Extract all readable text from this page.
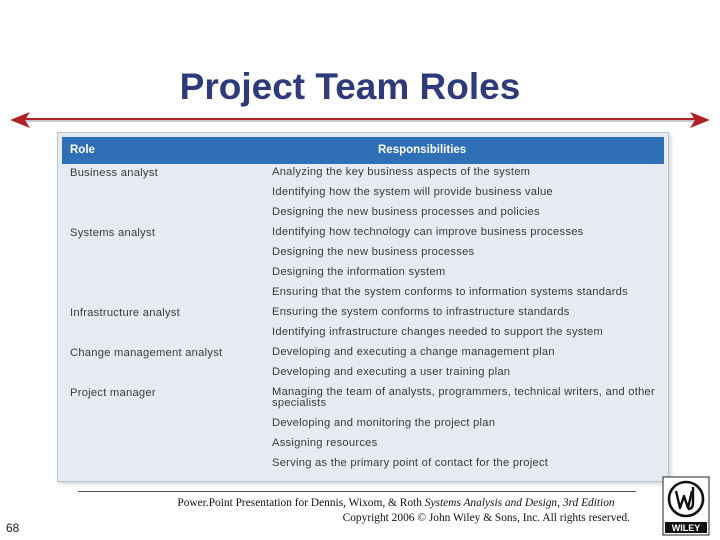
Project Team Roles
Role	Responsibilities
Business analyst	Analyzing the key business aspects of the system
Identifying how the system will provide business value
Designing the new business processes and policies
Systems analyst	Identifying how technology can improve business processes
Designing the new business processes
Designing the information system
Ensuring that the system conforms to information systems standards
Infrastructure analyst	Ensuring the system conforms to infrastructure standards
Identifying infrastructure changes needed to support the system
Change management analyst	Developing and executing a change management plan
Developing and executing a user training plan
Project manager	Managing the team of analysts, programmers, technical writers, and other specialists
Developing and monitoring the project plan
Assigning resources
Serving as the primary point of contact for the project
Power.Point Presentation for Dennis, Wixom, & Roth Systems Analysis and Design, 3rd Edition
Copyright 2006 © John Wiley & Sons, Inc. All rights reserved.
68	WILEY
